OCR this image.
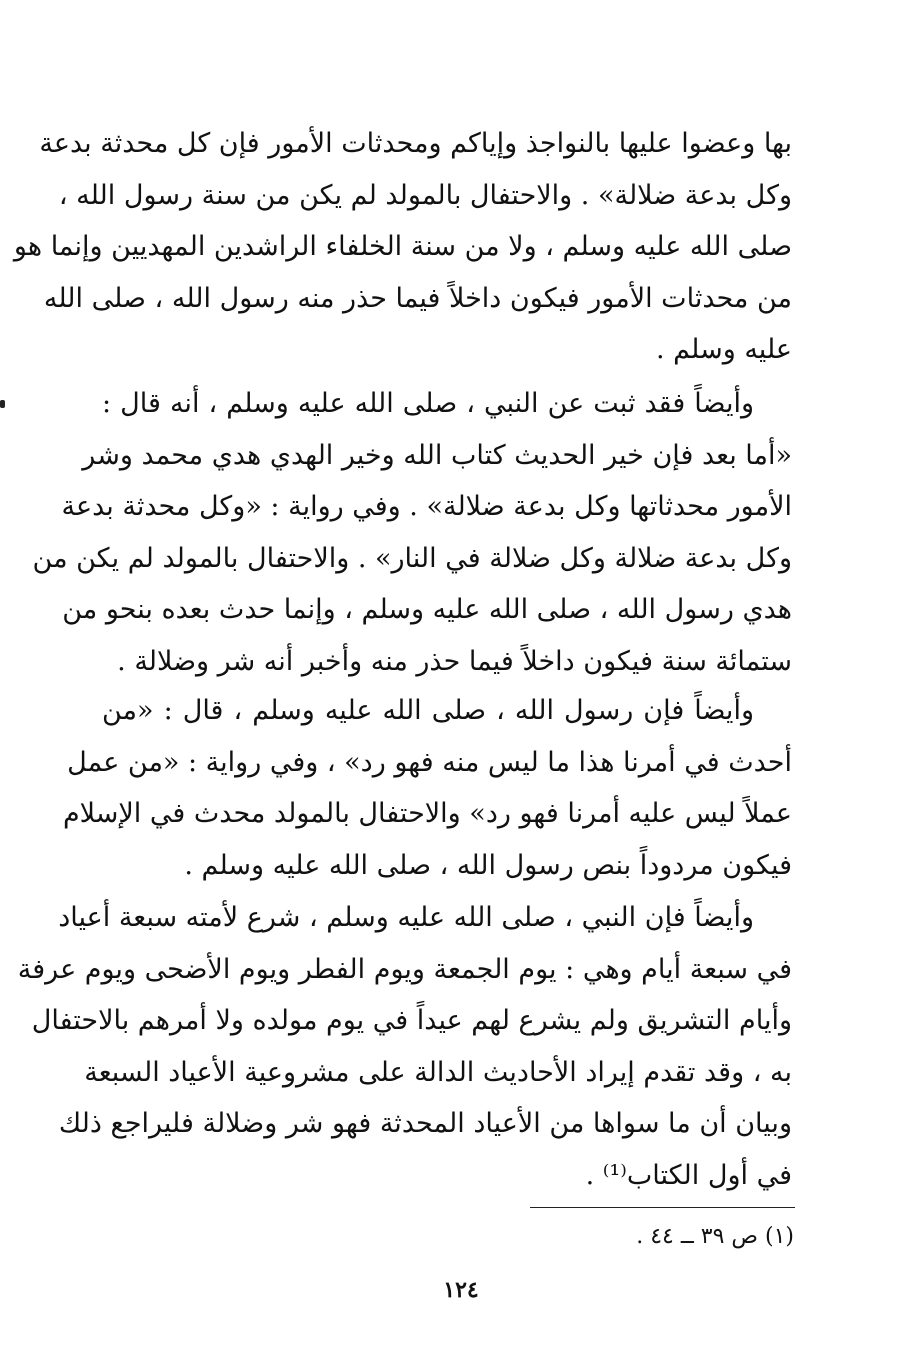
بها وعضوا عليها بالنواجذ وإياكم ومحدثات الأمور فإن كل محدثة بدعة
وكل بدعة ضلالة» . والاحتفال بالمولد لم يكن من سنة رسول الله ،
صلى الله عليه وسلم ، ولا من سنة الخلفاء الراشدين المهديين وإنما هو
من محدثات الأمور فيكون داخلاً فيما حذر منه رسول الله ، صلى الله
عليه وسلم .
وأيضاً فقد ثبت عن النبي ، صلى الله عليه وسلم ، أنه قال :
«أما بعد فإن خير الحديث كتاب الله وخير الهدي هدي محمد وشر
الأمور محدثاتها وكل بدعة ضلالة» . وفي رواية : «وكل محدثة بدعة
وكل بدعة ضلالة وكل ضلالة في النار» . والاحتفال بالمولد لم يكن من
هدي رسول الله ، صلى الله عليه وسلم ، وإنما حدث بعده بنحو من
ستمائة سنة فيكون داخلاً فيما حذر منه وأخبر أنه شر وضلالة .
وأيضاً فإن رسول الله ، صلى الله عليه وسلم ، قال : «من
أحدث في أمرنا هذا ما ليس منه فهو رد» ، وفي رواية : «من عمل
عملاً ليس عليه أمرنا فهو رد» والاحتفال بالمولد محدث في الإسلام
فيكون مردوداً بنص رسول الله ، صلى الله عليه وسلم .
وأيضاً فإن النبي ، صلى الله عليه وسلم ، شرع لأمته سبعة أعياد
في سبعة أيام وهي : يوم الجمعة ويوم الفطر ويوم الأضحى ويوم عرفة
وأيام التشريق ولم يشرع لهم عيداً في يوم مولده ولا أمرهم بالاحتفال
به ، وقد تقدم إيراد الأحاديث الدالة على مشروعية الأعياد السبعة
وبيان أن ما سواها من الأعياد المحدثة فهو شر وضلالة فليراجع ذلك
في أول الكتاب⁽¹⁾ .
(١) ص ٣٩ ــ ٤٤ .
١٢٤
